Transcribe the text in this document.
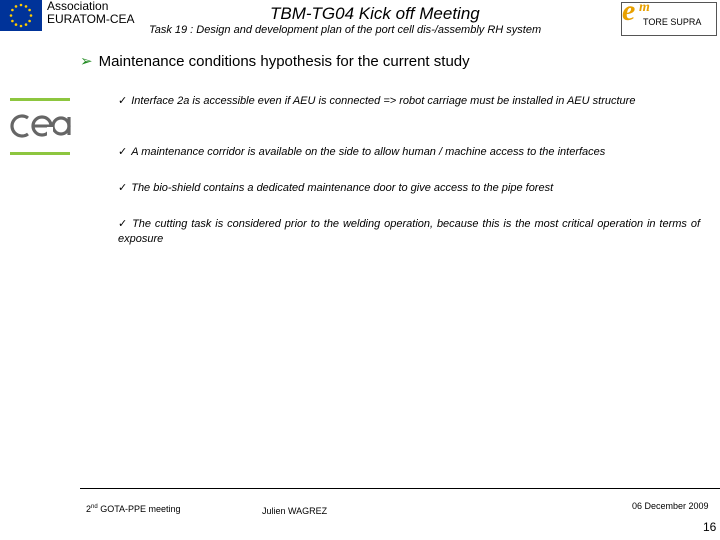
Association
EURATOM-CEA	TBM-TG04 Kick off Meeting
Task 19 : Design and development plan of the port cell dis-/assembly RH system
e m
TORE SUPRA
➢ Maintenance conditions hypothesis for the current study
✓ Interface 2a is accessible even if AEU is connected => robot carriage must be installed in AEU structure
✓ A maintenance corridor is available on the side to allow human / machine access to the interfaces
✓ The bio-shield contains a dedicated maintenance door to give access to the pipe forest
✓ The cutting task is considered prior to the welding operation, because this is the most critical operation in terms of exposure
2nd GOTA-PPE meeting	Julien WAGREZ	06 December 2009
16
